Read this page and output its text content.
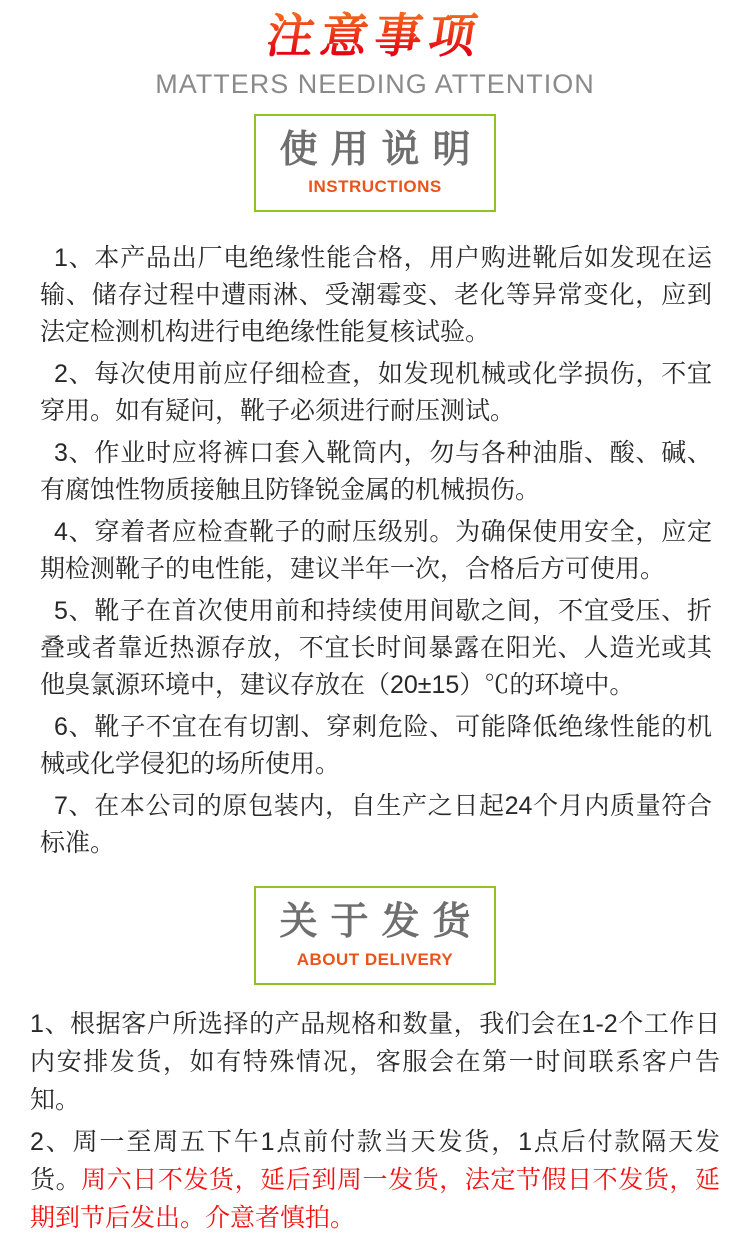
注意事项
MATTERS NEEDING ATTENTION
使用说明
INSTRUCTIONS

1、本产品出厂电绝缘性能合格，用户购进靴后如发现在运输、储存过程中遭雨淋、受潮霉变、老化等异常变化，应到法定检测机构进行电绝缘性能复核试验。

2、每次使用前应仔细检查，如发现机械或化学损伤，不宜穿用。如有疑问，靴子必须进行耐压测试。

3、作业时应将裤口套入靴筒内，勿与各种油脂、酸、碱、有腐蚀性物质接触且防锋锐金属的机械损伤。

4、穿着者应检查靴子的耐压级别。为确保使用安全，应定期检测靴子的电性能，建议半年一次，合格后方可使用。

5、靴子在首次使用前和持续使用间歇之间，不宜受压、折叠或者靠近热源存放，不宜长时间暴露在阳光、人造光或其他臭氯源环境中，建议存放在（20±15）℃的环境中。

6、靴子不宜在有切割、穿刺危险、可能降低绝缘性能的机械或化学侵犯的场所使用。

7、在本公司的原包装内，自生产之日起24个月内质量符合标准。

关于发货
ABOUT DELIVERY

1、根据客户所选择的产品规格和数量，我们会在1-2个工作日内安排发货，如有特殊情况，客服会在第一时间联系客户告知。

2、周一至周五下午1点前付款当天发货，1点后付款隔天发货。周六日不发货，延后到周一发货，法定节假日不发货，延期到节后发出。介意者慎拍。
